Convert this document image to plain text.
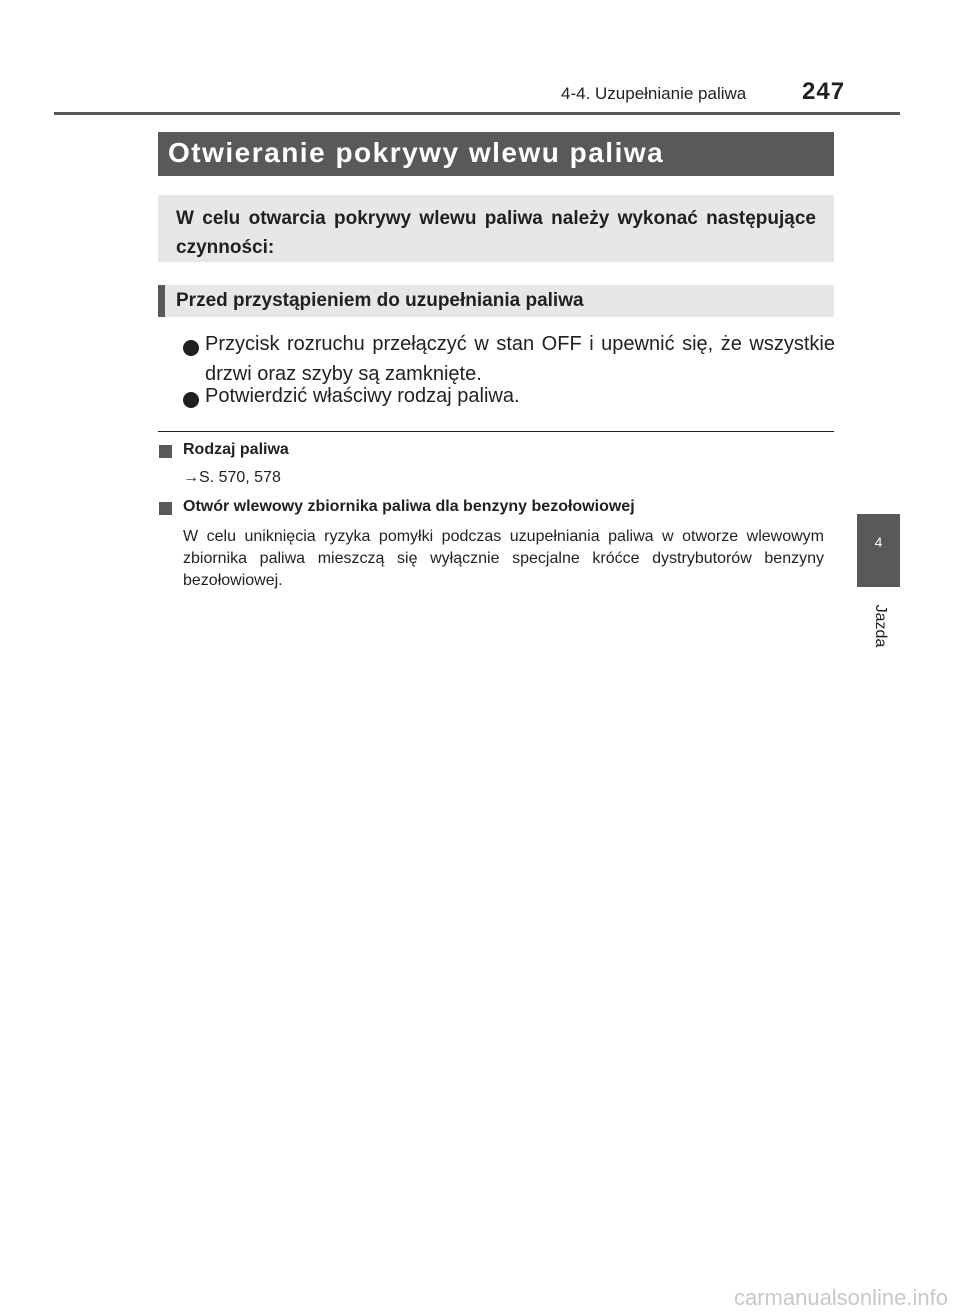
4-4. Uzupełnianie paliwa 247
Otwieranie pokrywy wlewu paliwa
W celu otwarcia pokrywy wlewu paliwa należy wykonać następujące czynności:
Przed przystąpieniem do uzupełniania paliwa
Przycisk rozruchu przełączyć w stan OFF i upewnić się, że wszystkie drzwi oraz szyby są zamknięte.
Potwierdzić właściwy rodzaj paliwa.
Rodzaj paliwa
→S. 570, 578
Otwór wlewowy zbiornika paliwa dla benzyny bezołowiowej
W celu uniknięcia ryzyka pomyłki podczas uzupełniania paliwa w otworze wlewowym zbiornika paliwa mieszczą się wyłącznie specjalne króćce dystrybutorów benzyny bezołowiowej.
4
Jazda
carmanualsonline.info
